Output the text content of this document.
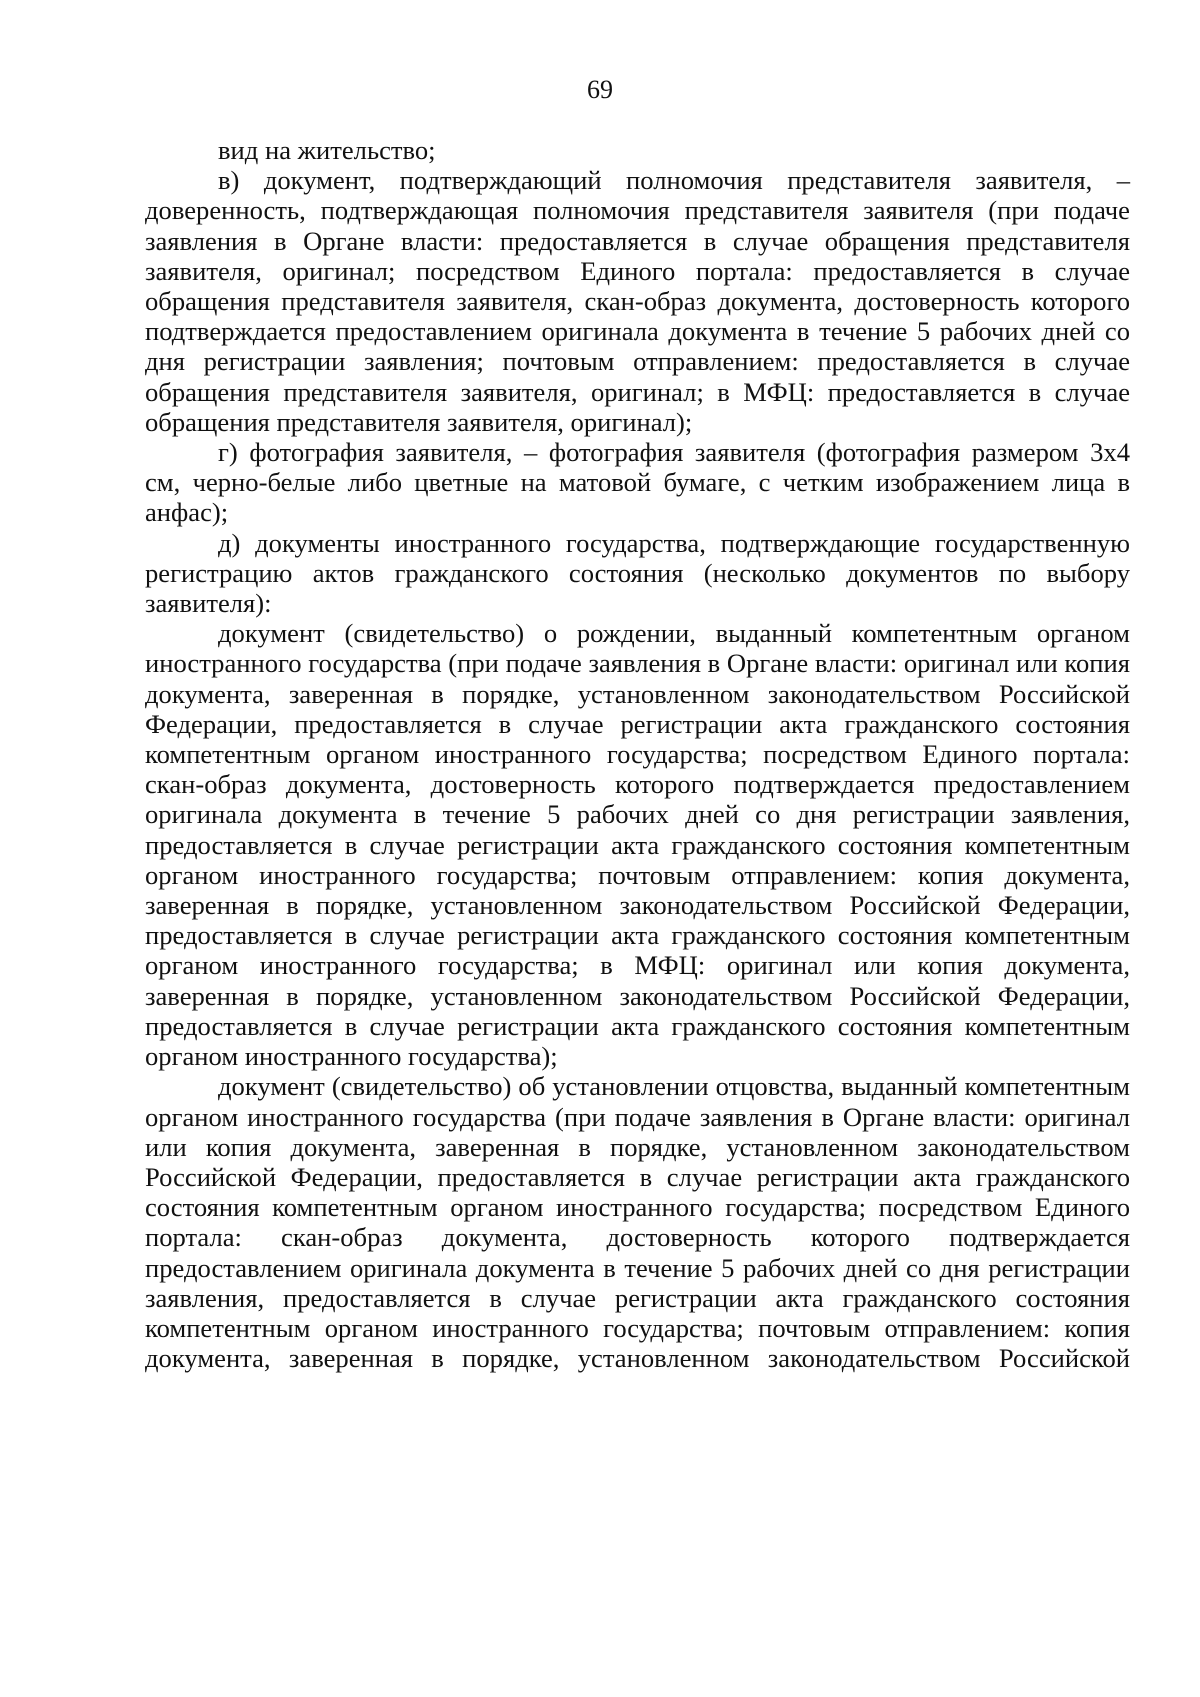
69

вид на жительство;

в) документ, подтверждающий полномочия представителя заявителя, – доверенность, подтверждающая полномочия представителя заявителя (при подаче заявления в Органе власти: предоставляется в случае обращения представителя заявителя, оригинал; посредством Единого портала: предоставляется в случае обращения представителя заявителя, скан-образ документа, достоверность которого подтверждается предоставлением оригинала документа в течение 5 рабочих дней со дня регистрации заявления; почтовым отправлением: предоставляется в случае обращения представителя заявителя, оригинал; в МФЦ: предоставляется в случае обращения представителя заявителя, оригинал);

г) фотография заявителя, – фотография заявителя (фотография размером 3x4 см, черно-белые либо цветные на матовой бумаге, с четким изображением лица в анфас);

д) документы иностранного государства, подтверждающие государственную регистрацию актов гражданского состояния (несколько документов по выбору заявителя):

документ (свидетельство) о рождении, выданный компетентным органом иностранного государства (при подаче заявления в Органе власти: оригинал или копия документа, заверенная в порядке, установленном законодательством Российской Федерации, предоставляется в случае регистрации акта гражданского состояния компетентным органом иностранного государства; посредством Единого портала: скан-образ документа, достоверность которого подтверждается предоставлением оригинала документа в течение 5 рабочих дней со дня регистрации заявления, предоставляется в случае регистрации акта гражданского состояния компетентным органом иностранного государства; почтовым отправлением: копия документа, заверенная в порядке, установленном законодательством Российской Федерации, предоставляется в случае регистрации акта гражданского состояния компетентным органом иностранного государства; в МФЦ: оригинал или копия документа, заверенная в порядке, установленном законодательством Российской Федерации, предоставляется в случае регистрации акта гражданского состояния компетентным органом иностранного государства);

документ (свидетельство) об установлении отцовства, выданный компетентным органом иностранного государства (при подаче заявления в Органе власти: оригинал или копия документа, заверенная в порядке, установленном законодательством Российской Федерации, предоставляется в случае регистрации акта гражданского состояния компетентным органом иностранного государства; посредством Единого портала: скан-образ документа, достоверность которого подтверждается предоставлением оригинала документа в течение 5 рабочих дней со дня регистрации заявления, предоставляется в случае регистрации акта гражданского состояния компетентным органом иностранного государства; почтовым отправлением: копия документа, заверенная в порядке, установленном законодательством Российской
